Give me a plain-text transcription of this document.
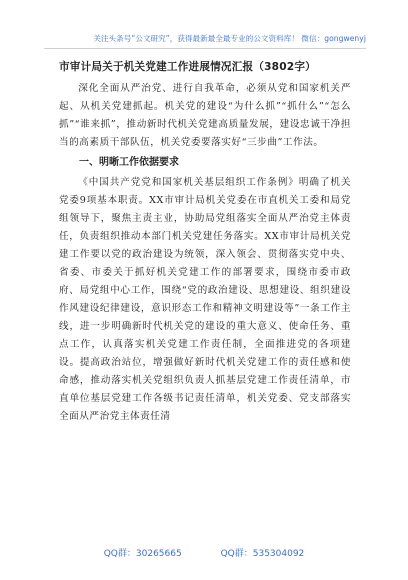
关注头条号“公文研究”，获得最新最全最专业的公文资料库！ 微信：gongwenyj
市审计局关于机关党建工作进展情况汇报（3802字）

深化全面从严治党、进行自我革命，必须从党和国家机关严起、从机关党建抓起。机关党的建设“为什么抓”“抓什么”“怎么抓”“谁来抓”，推动新时代机关党建高质量发展，建设忠诚干净担当的高素质干部队伍，机关党委要落实好“三步曲”工作法。

一、明晰工作依据要求

《中国共产党党和国家机关基层组织工作条例》明确了机关党委9项基本职责。XX市审计局机关党委在市直机关工委和局党组领导下，聚焦主责主业，协助局党组落实全面从严治党主体责任，负责组织推动本部门机关党建任务落实。XX市审计局机关党建工作要以党的政治建设为统领，深入领会、贯彻落实党中央、省委、市委关于抓好机关党建工作的部署要求，围绕市委市政府、局党组中心工作，围绕“党的政治建设、思想建设、组织建设作风建设纪律建设，意识形态工作和精神文明建设等”一条工作主线，进一步明确新时代机关党的建设的重大意义、使命任务、重点工作，认真落实机关党建工作责任制，全面推进党的各项建设。提高政治站位，增强做好新时代机关党建工作的责任感和使命感，推动落实机关党组织负责人抓基层党建工作责任清单，市直单位基层党建工作各级书记责任清单，机关党委、党支部落实全面从严治党主体责任清

QQ群：30265665	QQ群：535304092
